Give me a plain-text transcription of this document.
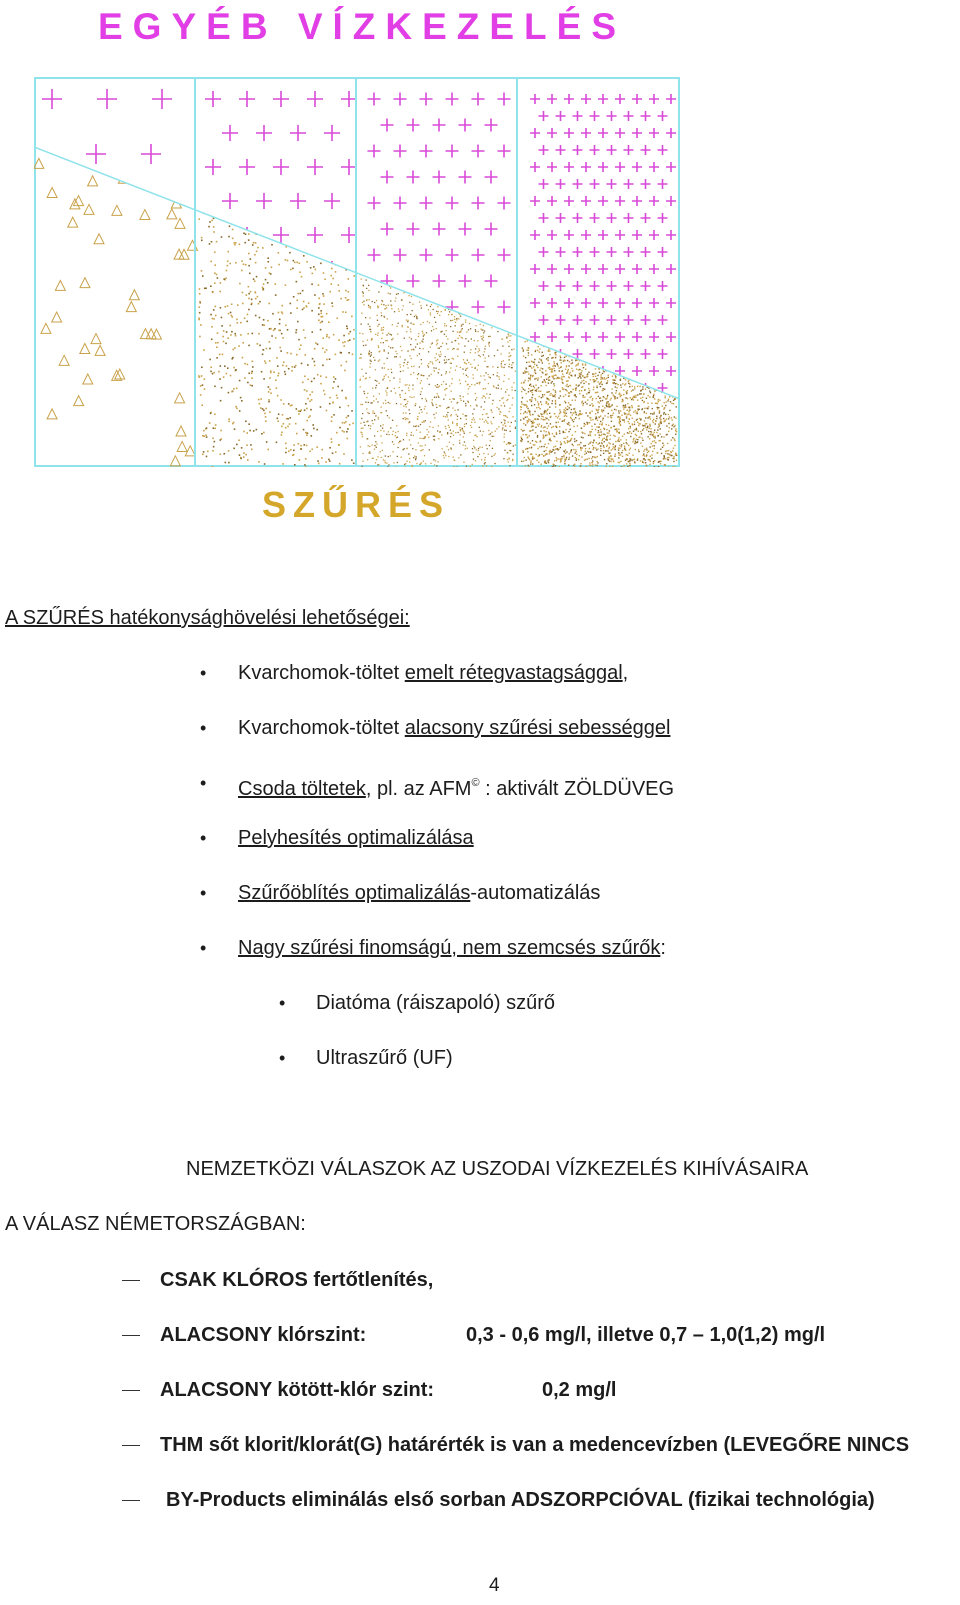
EGYÉB VÍZKEZELÉS
SZŰRÉS
A SZŰRÉS hatékonysághövelési lehetőségei:
• Kvarchomok-töltet emelt rétegvastagsággal,
• Kvarchomok-töltet alacsony szűrési sebességgel
• Csoda töltetek, pl. az AFM© : aktivált ZÖLDÜVEG
• Pelyhesítés optimalizálása
• Szűrőöblítés optimalizálás-automatizálás
• Nagy szűrési finomságú, nem szemcsés szűrők:
• Diatóma (ráiszapoló) szűrő
• Ultraszűrő (UF)
NEMZETKÖZI VÁLASZOK AZ USZODAI VÍZKEZELÉS KIHÍVÁSAIRA
A VÁLASZ NÉMETORSZÁGBAN:
CSAK KLÓROS fertőtlenítés,
ALACSONY klórszint:	0,3 - 0,6 mg/l, illetve 0,7 – 1,0(1,2) mg/l
ALACSONY kötött-klór szint:	0,2 mg/l
THM sőt klorit/klorát(G) határérték is van a medencevízben (LEVEGŐRE NINCS
BY-Products eliminálás első sorban ADSZORPCIÓVAL (fizikai technológia)
4
